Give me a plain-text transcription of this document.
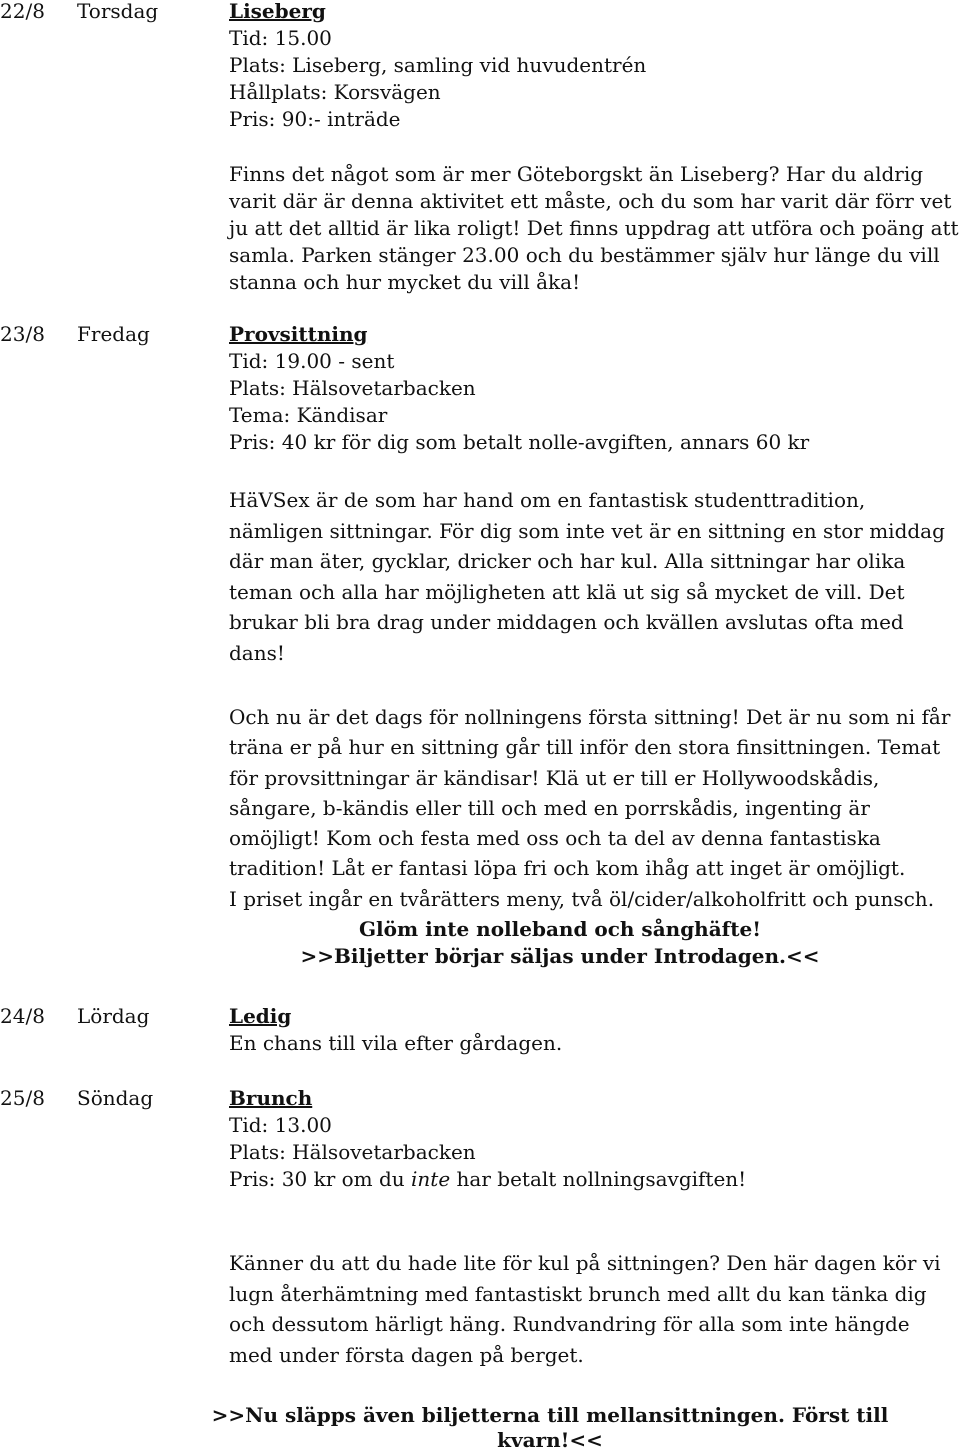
22/8 Torsdag	Liseberg
Tid: 15.00
Plats: Liseberg, samling vid huvudentrén
Hållplats: Korsvägen
Pris: 90:- inträde
Finns det något som är mer Göteborgskt än Liseberg? Har du aldrig
varit där är denna aktivitet ett måste, och du som har varit där förr vet
ju att det alltid är lika roligt! Det finns uppdrag att utföra och poäng att
samla. Parken stänger 23.00 och du bestämmer själv hur länge du vill
stanna och hur mycket du vill åka!
23/8 Fredag	Provsittning
Tid: 19.00 - sent
Plats: Hälsovetarbacken
Tema: Kändisar
Pris: 40 kr för dig som betalt nolle-avgiften, annars 60 kr
HäVSex är de som har hand om en fantastisk studenttradition,
nämligen sittningar. För dig som inte vet är en sittning en stor middag
där man äter, gycklar, dricker och har kul. Alla sittningar har olika
teman och alla har möjligheten att klä ut sig så mycket de vill. Det
brukar bli bra drag under middagen och kvällen avslutas ofta med
dans!
Och nu är det dags för nollningens första sittning! Det är nu som ni får
träna er på hur en sittning går till inför den stora finsittningen. Temat
för provsittningar är kändisar! Klä ut er till er Hollywoodskådis,
sångare, b-kändis eller till och med en porrskådis, ingenting är
omöjligt! Kom och festa med oss och ta del av denna fantastiska
tradition! Låt er fantasi löpa fri och kom ihåg att inget är omöjligt.
I priset ingår en tvårätters meny, två öl/cider/alkoholfritt och punsch.
Glöm inte nolleband och sånghäfte!
>>Biljetter börjar säljas under Introdagen.<<
24/8 Lördag	Ledig
En chans till vila efter gårdagen.
25/8 Söndag	Brunch
Tid: 13.00
Plats: Hälsovetarbacken
Pris: 30 kr om du inte har betalt nollningsavgiften!
Känner du att du hade lite för kul på sittningen? Den här dagen kör vi
lugn återhämtning med fantastiskt brunch med allt du kan tänka dig
och dessutom härligt häng. Rundvandring för alla som inte hängde
med under första dagen på berget.
>>Nu släpps även biljetterna till mellansittningen. Först till
kvarn!<<
